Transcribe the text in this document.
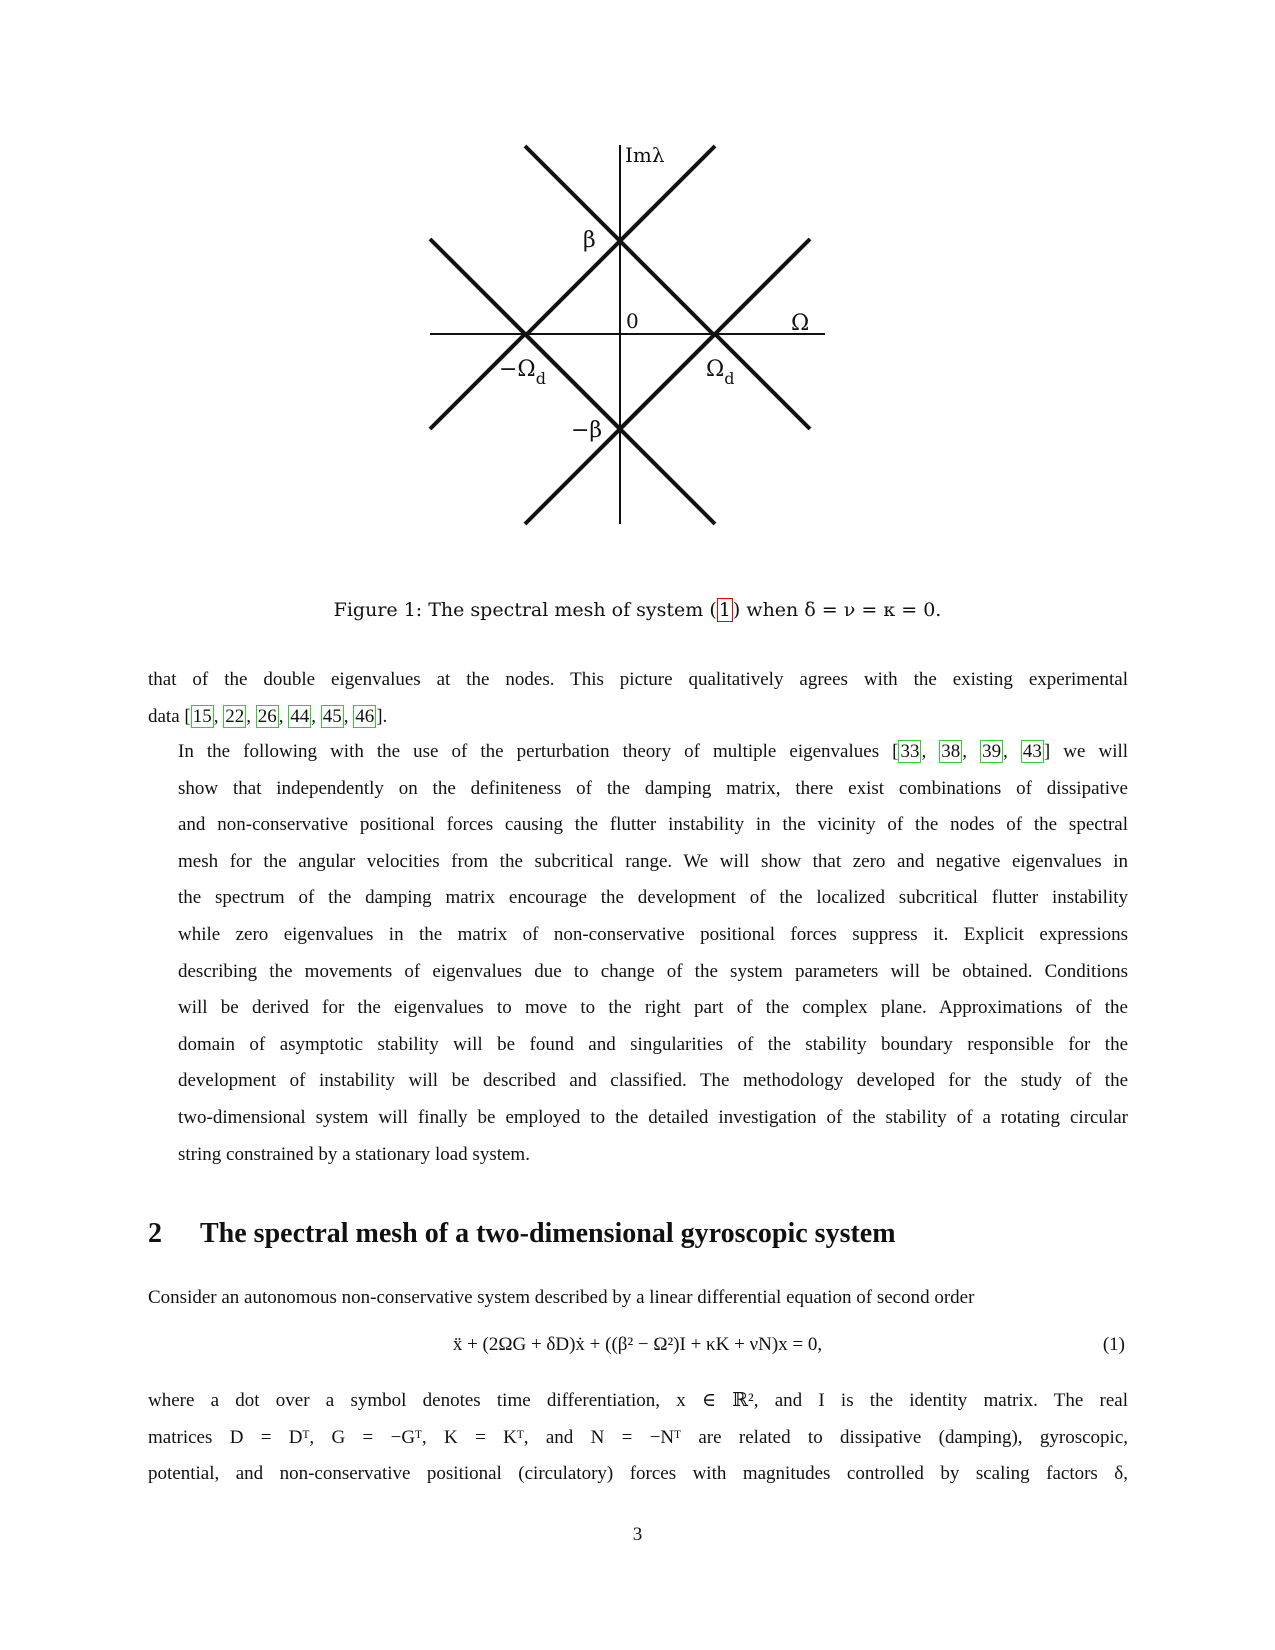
Imλ
β
0	Ω
$-\Omega_d$	$\Omega_d$
−β
Figure 1: The spectral mesh of system ( 1 ) when δ = ν = κ = 0.
that of the double eigenvalues at the nodes. This picture qualitatively agrees with the existing experimental
data [ 15 , 22 , 26 , 44 , 45 , 46 ].
In the following with the use of the perturbation theory of multiple eigenvalues [ 33 , 38 , 39 , 43 ] we will
show that independently on the definiteness of the damping matrix, there exist combinations of dissipative
and non-conservative positional forces causing the flutter instability in the vicinity of the nodes of the spectral
mesh for the angular velocities from the subcritical range. We will show that zero and negative eigenvalues in
the spectrum of the damping matrix encourage the development of the localized subcritical flutter instability
while zero eigenvalues in the matrix of non-conservative positional forces suppress it. Explicit expressions
describing the movements of eigenvalues due to change of the system parameters will be obtained. Conditions
will be derived for the eigenvalues to move to the right part of the complex plane. Approximations of the
domain of asymptotic stability will be found and singularities of the stability boundary responsible for the
development of instability will be described and classified. The methodology developed for the study of the
two-dimensional system will finally be employed to the detailed investigation of the stability of a rotating circular
string constrained by a stationary load system.
2 The spectral mesh of a two-dimensional gyroscopic system
Consider an autonomous non-conservative system described by a linear differential equation of second order
ẍ + (2ΩG + δD)ẋ + ((β² − Ω²)I + κK + νN)x = 0,	(1)
where a dot over a symbol denotes time differentiation, x ∈ ℝ², and I is the identity matrix. The real
matrices D = Dᵀ, G = −Gᵀ, K = Kᵀ, and N = −Nᵀ are related to dissipative (damping), gyroscopic,
potential, and non-conservative positional (circulatory) forces with magnitudes controlled by scaling factors δ,
3
